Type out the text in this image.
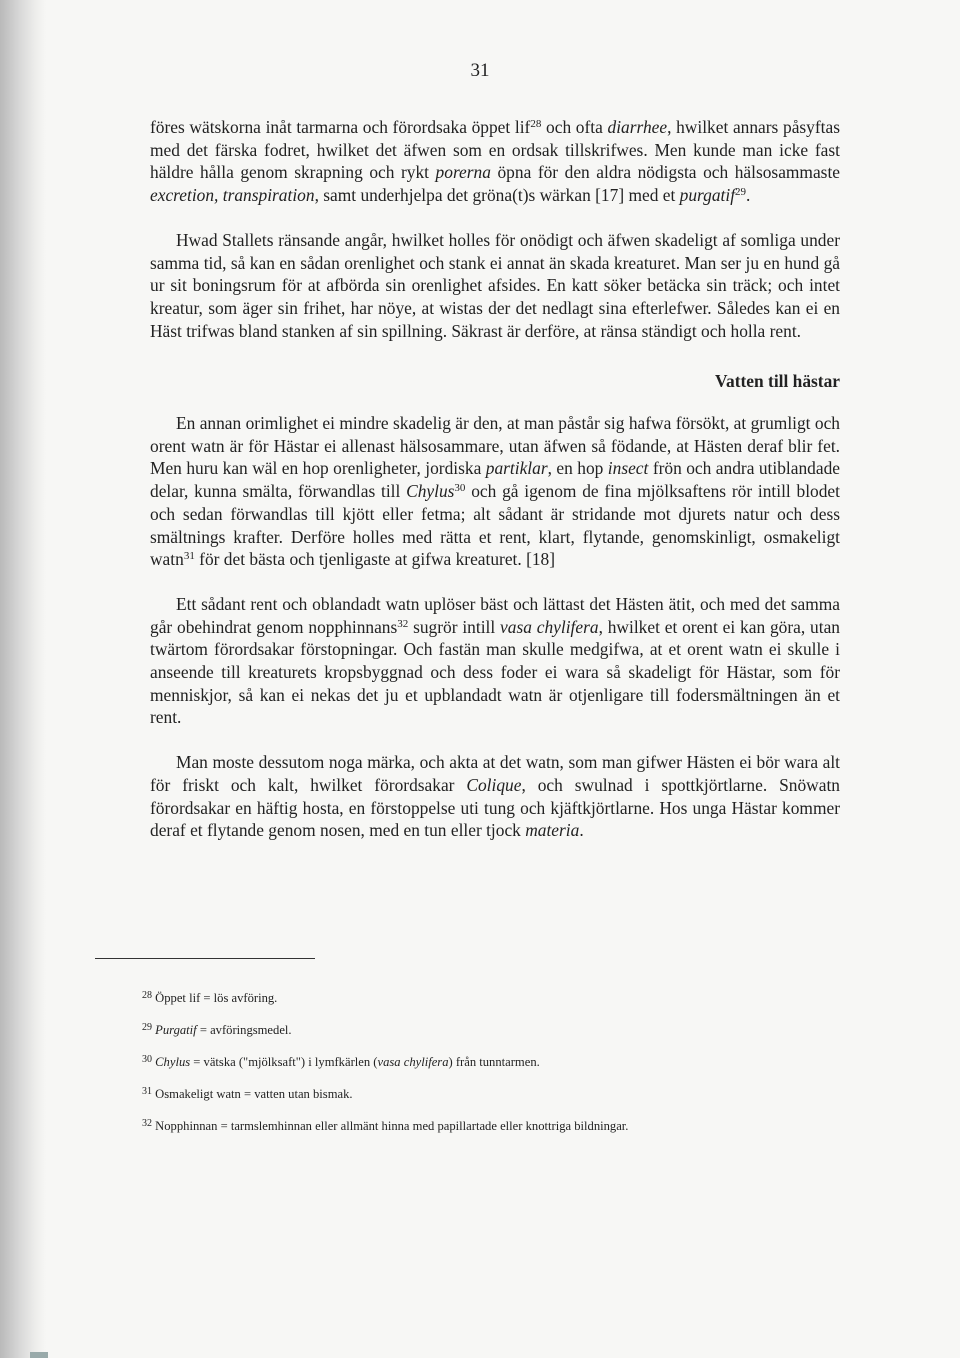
31

föres wätskorna inåt tarmarna och förordsaka öppet lif$^{28}$ och ofta diarrhee, hwilket annars påsyftas med det färska fodret, hwilket det äfwen som en ordsak tillskrifwes. Men kunde man icke fast häldre hålla genom skrapning och rykt porerna öpna för den aldra nödigsta och hälsosammaste excretion, transpiration, samt underhjelpa det gröna(t)s wärkan [17] med et purgatif$^{29}$.

Hwad Stallets ränsande angår, hwilket holles för onödigt och äfwen skadeligt af somliga under samma tid, så kan en sådan orenlighet och stank ei annat än skada kreaturet. Man ser ju en hund gå ur sit boningsrum för at afbörda sin orenlighet afsides. En katt söker betäcka sin träck; och intet kreatur, som äger sin frihet, har nöye, at wistas der det nedlagt sina efterlefwer. Således kan ei en Häst trifwas bland stanken af sin spillning. Säkrast är derföre, at ränsa ständigt och holla rent.

Vatten till hästar

En annan orimlighet ei mindre skadelig är den, at man påstår sig hafwa försökt, at grumligt och orent watn är för Hästar ei allenast hälsosammare, utan äfwen så födande, at Hästen deraf blir fet. Men huru kan wäl en hop orenligheter, jordiska partiklar, en hop insect frön och andra utiblandade delar, kunna smälta, förwandlas till Chylus$^{30}$ och gå igenom de fina mjölksaftens rör intill blodet och sedan förwandlas till kjött eller fetma; alt sådant är stridande mot djurets natur och dess smältnings krafter. Derföre holles med rätta et rent, klart, flytande, genomskinligt, osmakeligt watn$^{31}$ för det bästa och tjenligaste at gifwa kreaturet. [18]

Ett sådant rent och oblandadt watn uplöser bäst och lättast det Hästen ätit, och med det samma går obehindrat genom nopphinnans$^{32}$ sugrör intill vasa chylifera, hwilket et orent ei kan göra, utan twärtom förordsakar förstopningar. Och fastän man skulle medgifwa, at et orent watn ei skulle i anseende till kreaturets kropsbyggnad och dess foder ei wara så skadeligt för Hästar, som för menniskjor, så kan ei nekas det ju et upblandadt watn är otjenligare till fodersmältningen än et rent.

Man moste dessutom noga märka, och akta at det watn, som man gifwer Hästen ei bör wara alt för friskt och kalt, hwilket förordsakar Colique, och swulnad i spottkjörtlarne. Snöwatn förordsakar en häftig hosta, en förstoppelse uti tung och kjäftkjörtlarne. Hos unga Hästar kommer deraf et flytande genom nosen, med en tun eller tjock materia.

$^{28}$ Öppet lif = lös avföring.
$^{29}$ Purgatif = avföringsmedel.
$^{30}$ Chylus = vätska ("mjölksaft") i lymfkärlen (vasa chylifera) från tunntarmen.
$^{31}$ Osmakeligt watn = vatten utan bismak.
$^{32}$ Nopphinnan = tarmslemhinnan eller allmänt hinna med papillartade eller knottriga bildningar.
